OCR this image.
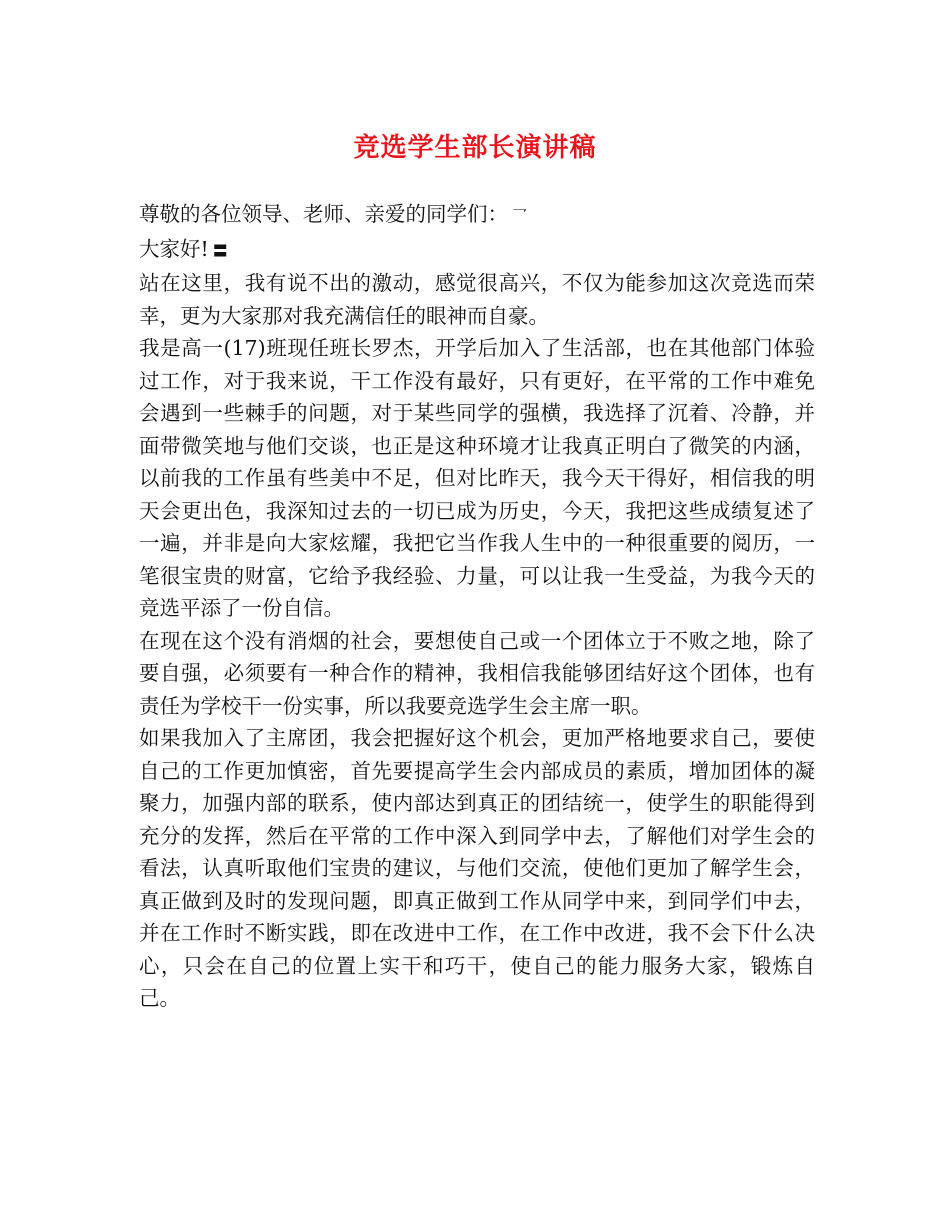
竞选学生部长演讲稿

尊敬的各位领导、老师、亲爱的同学们： 乛

大家好! 〓

站在这里，我有说不出的激动，感觉很高兴，不仅为能参加这次竞选而荣幸，更为大家那对我充满信任的眼神而自豪。

我是高一(17)班现任班长罗杰，开学后加入了生活部，也在其他部门体验过工作，对于我来说，干工作没有最好，只有更好，在平常的工作中难免会遇到一些棘手的问题，对于某些同学的强横，我选择了沉着、冷静，并面带微笑地与他们交谈，也正是这种环境才让我真正明白了微笑的内涵，以前我的工作虽有些美中不足，但对比昨天，我今天干得好，相信我的明天会更出色，我深知过去的一切已成为历史，今天，我把这些成绩复述了一遍，并非是向大家炫耀，我把它当作我人生中的一种很重要的阅历，一笔很宝贵的财富，它给予我经验、力量，可以让我一生受益，为我今天的竞选平添了一份自信。

在现在这个没有消烟的社会，要想使自己或一个团体立于不败之地，除了要自强，必须要有一种合作的精神，我相信我能够团结好这个团体，也有责任为学校干一份实事，所以我要竞选学生会主席一职。

如果我加入了主席团，我会把握好这个机会，更加严格地要求自己，要使自己的工作更加慎密，首先要提高学生会内部成员的素质，增加团体的凝聚力，加强内部的联系，使内部达到真正的团结统一，使学生的职能得到充分的发挥，然后在平常的工作中深入到同学中去，了解他们对学生会的看法，认真听取他们宝贵的建议，与他们交流，使他们更加了解学生会，真正做到及时的发现问题，即真正做到工作从同学中来，到同学们中去，并在工作时不断实践，即在改进中工作，在工作中改进，我不会下什么决心，只会在自己的位置上实干和巧干，使自己的能力服务大家，锻炼自己。
